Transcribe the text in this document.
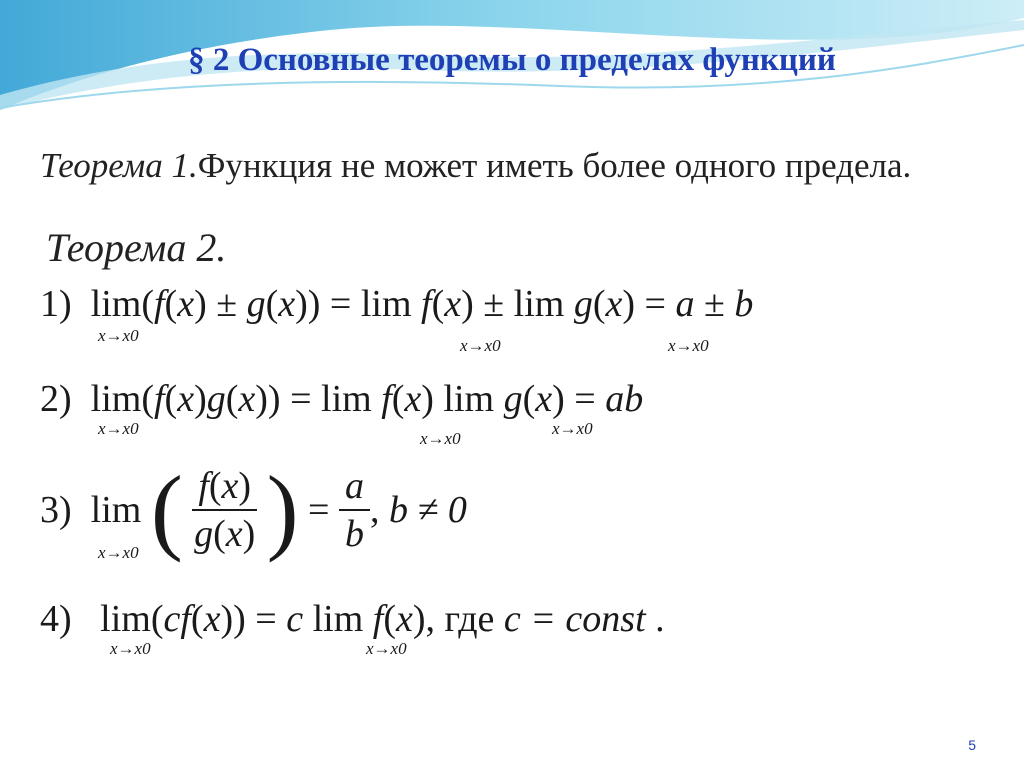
§ 2 Основные теоремы о пределах функций
Теорема 1.Функция не может иметь более одного предела.
Теорема 2.
1)  lim(f(x) ± g(x)) = lim f(x) ± lim g(x) = a ± b
x→x0
x→x0	x→x0
2)  lim(f(x)g(x)) = lim f(x) lim g(x) = ab
x→x0
x→x0
x→x0
3)  lim ( $\frac{f(x)}{g(x)}$ ) = $\frac{a}{b}$ , b ≠ 0
x→x0
4)   lim(cf(x)) = c lim f(x), где c = const .
x→x0	x→x0
5
